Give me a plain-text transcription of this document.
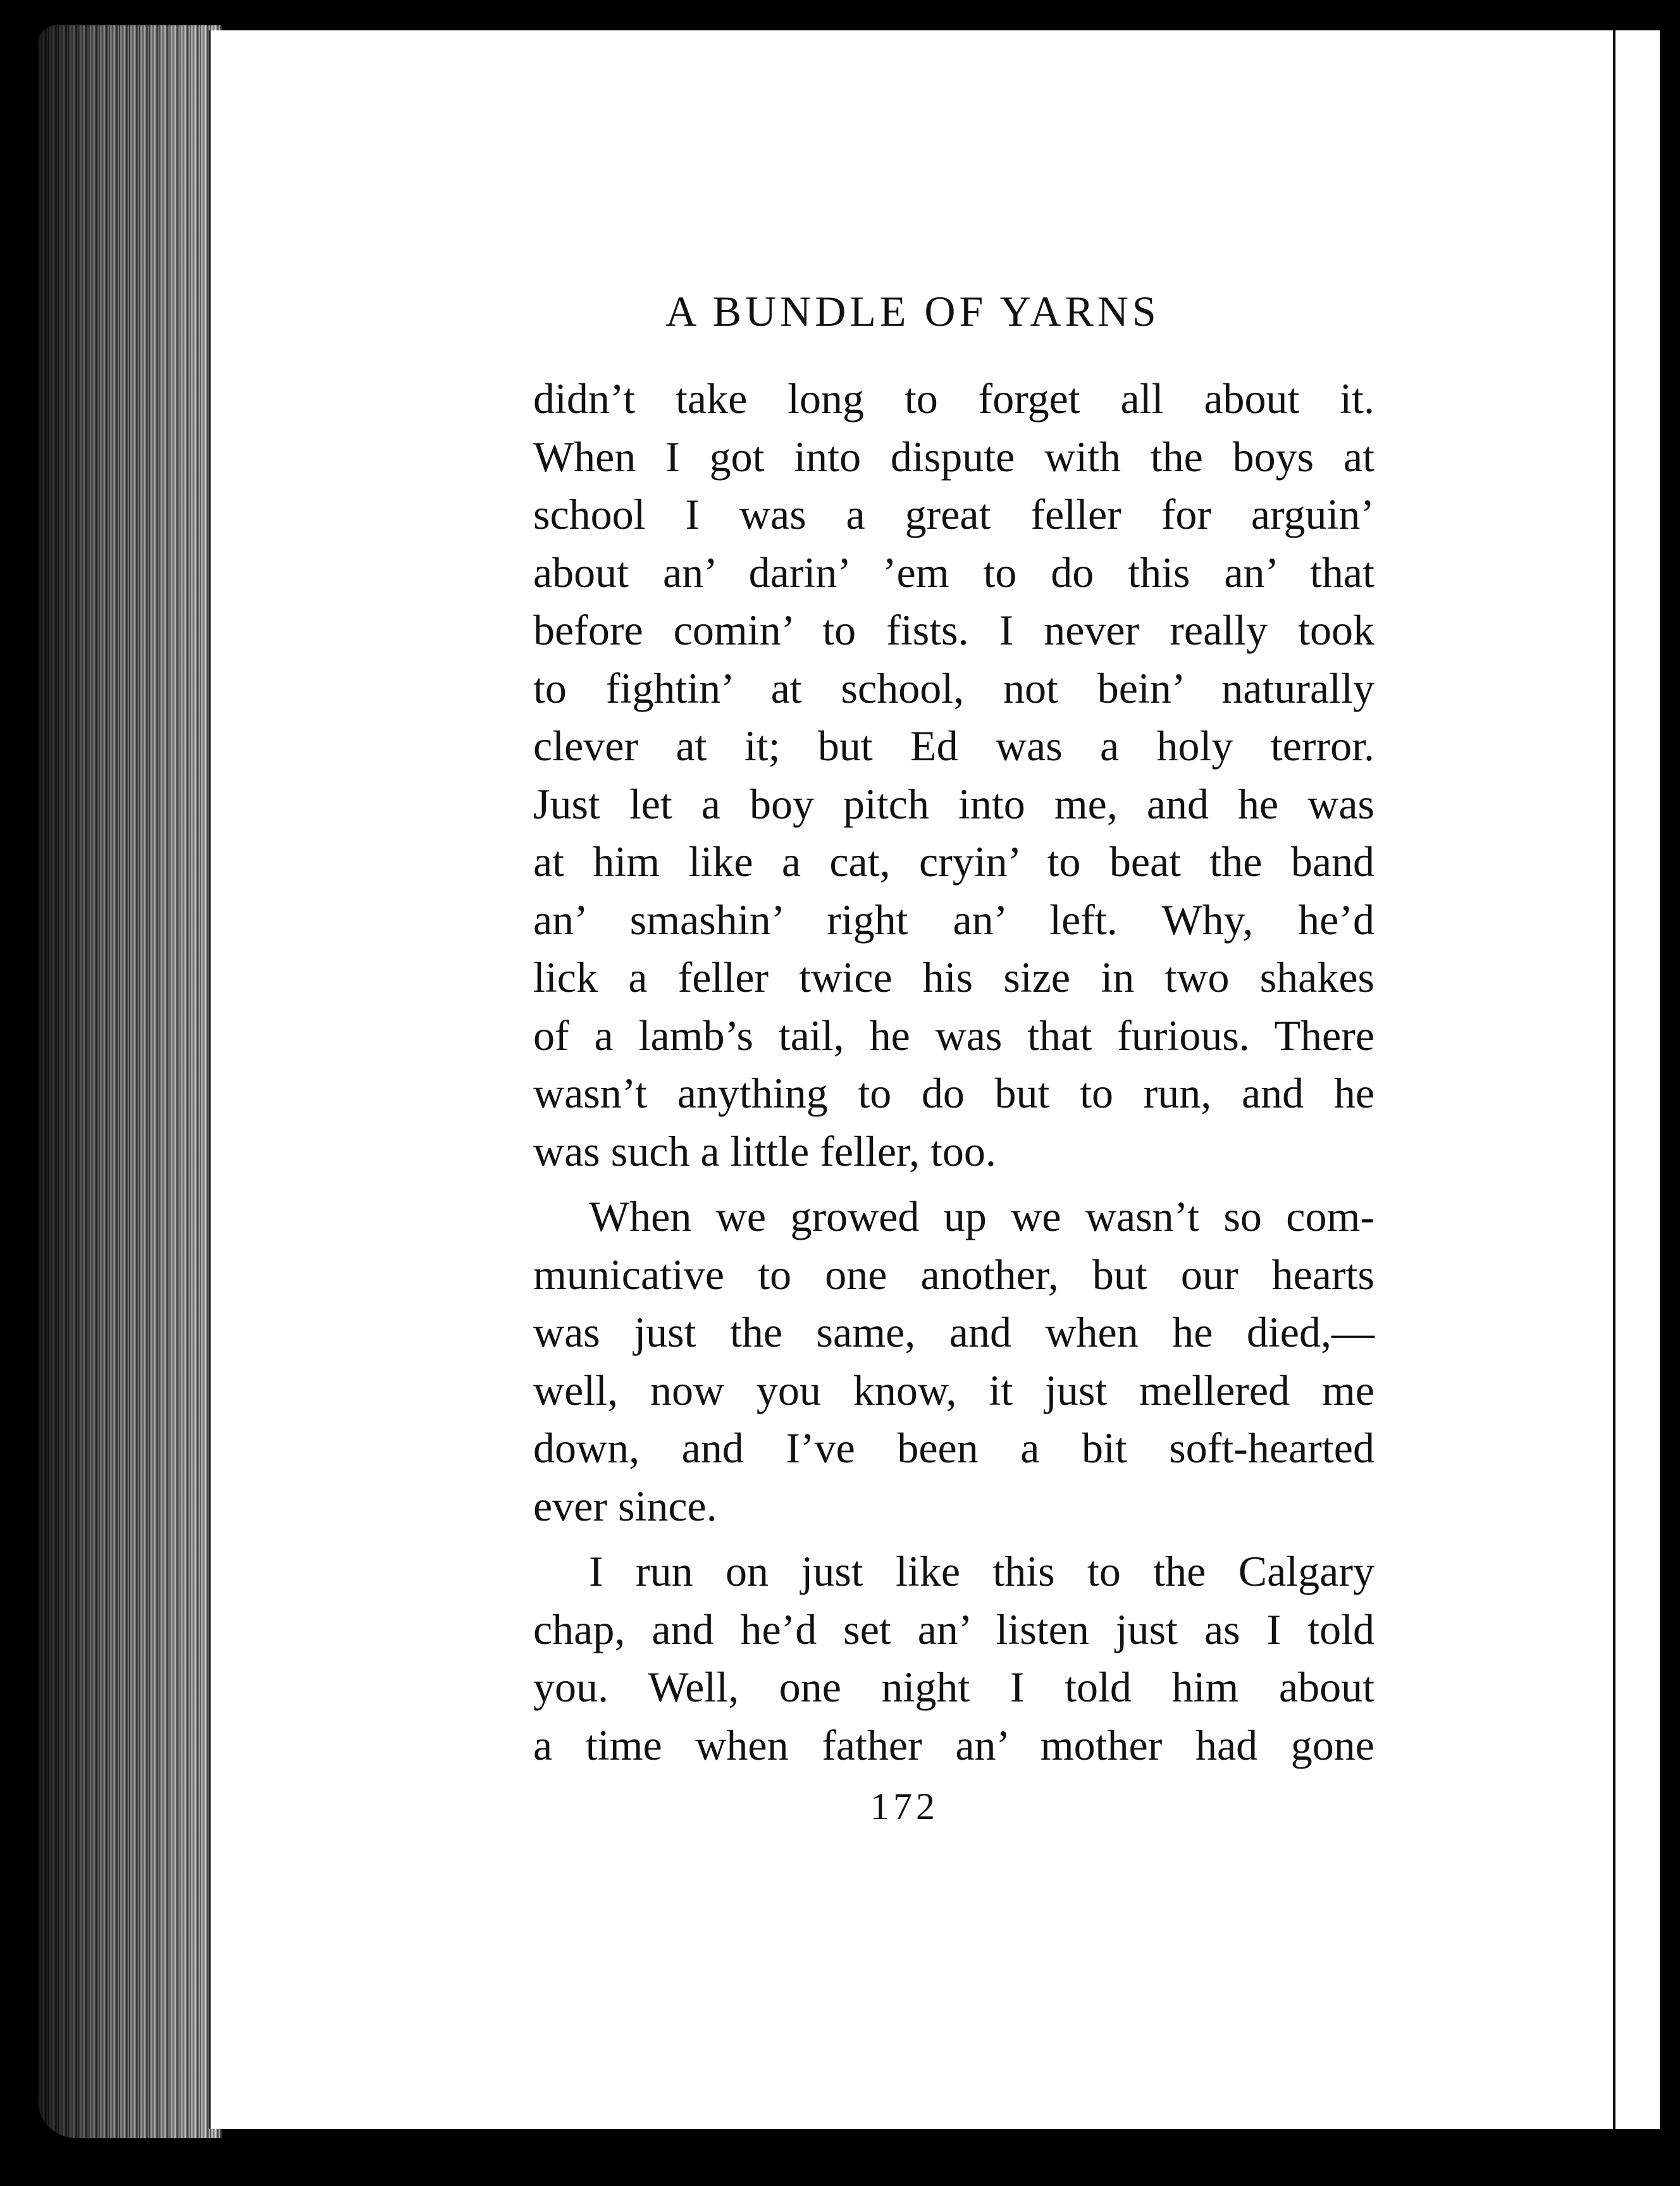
A BUNDLE OF YARNS
didn’t take long to forget all about it.
When I got into dispute with the boys at
school I was a great feller for arguin’
about an’ darin’ ’em to do this an’ that
before comin’ to fists. I never really took
to fightin’ at school, not bein’ naturally
clever at it; but Ed was a holy terror.
Just let a boy pitch into me, and he was
at him like a cat, cryin’ to beat the band
an’ smashin’ right an’ left. Why, he’d
lick a feller twice his size in two shakes
of a lamb’s tail, he was that furious. There
wasn’t anything to do but to run, and he
was such a little feller, too.
When we growed up we wasn’t so com-
municative to one another, but our hearts
was just the same, and when he died,—
well, now you know, it just mellered me
down, and I’ve been a bit soft-hearted
ever since.
I run on just like this to the Calgary
chap, and he’d set an’ listen just as I told
you. Well, one night I told him about
a time when father an’ mother had gone
172
